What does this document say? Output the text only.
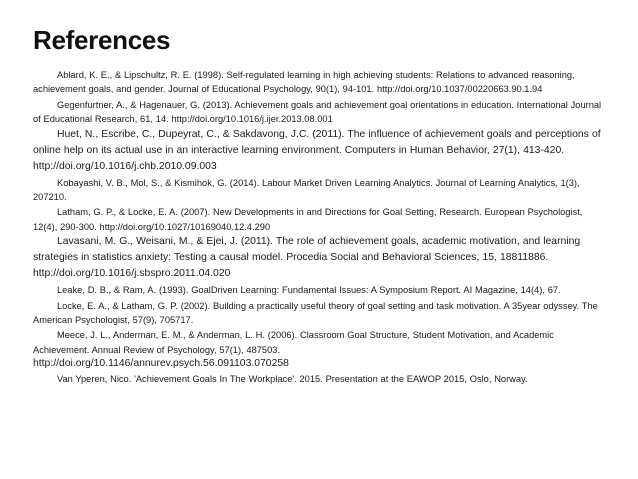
References

Ablard, K. E., & Lipschultz, R. E. (1998). Self-regulated learning in high achieving students: Relations to advanced reasoning, achievement goals, and gender. Journal of Educational Psychology, 90(1), 94-101. http://doi.org/10.1037/00220663.90.1.94

Gegenfurtner, A., & Hagenauer, G. (2013). Achievement goals and achievement goal orientations in education. International Journal of Educational Research, 61, 14. http://doi.org/10.1016/j.ijer.2013.08.001

Huet, N., Escribe, C., Dupeyrat, C., & Sakdavong, J.C. (2011). The influence of achievement goals and perceptions of online help on its actual use in an interactive learning environment. Computers in Human Behavior, 27(1), 413-420. http://doi.org/10.1016/j.chb.2010.09.003

Kobayashi, V. B., Mol, S., & Kismihok, G. (2014). Labour Market Driven Learning Analytics. Journal of Learning Analytics, 1(3), 207210.

Latham, G. P., & Locke, E. A. (2007). New Developments in and Directions for Goal Setting, Research. European Psychologist, 12(4), 290-300. http://doi.org/10.1027/10169040.12.4.290

Lavasani, M. G., Weisani, M., & Ejei, J. (2011). The role of achievement goals, academic motivation, and learning strategies in statistics anxiety: Testing a causal model. Procedia Social and Behavioral Sciences, 15, 18811886. http://doi.org/10.1016/j.sbspro.2011.04.020

Leake, D. B., & Ram, A. (1993). GoalDriven Learning: Fundamental Issues: A Symposium Report. AI Magazine, 14(4), 67.

Locke, E. A., & Latham, G. P. (2002). Building a practically useful theory of goal setting and task motivation. A 35year odyssey. The American Psychologist, 57(9), 705717.

Meece, J. L., Anderman, E. M., & Anderman, L. H. (2006). Classroom Goal Structure, Student Motivation, and Academic Achievement. Annual Review of Psychology, 57(1), 487503.

http://doi.org/10.1146/annurev.psych.56.091103.070258

Van Yperen, Nico. 'Achievement Goals In The Workplace'. 2015. Presentation at the EAWOP 2015, Oslo, Norway.
